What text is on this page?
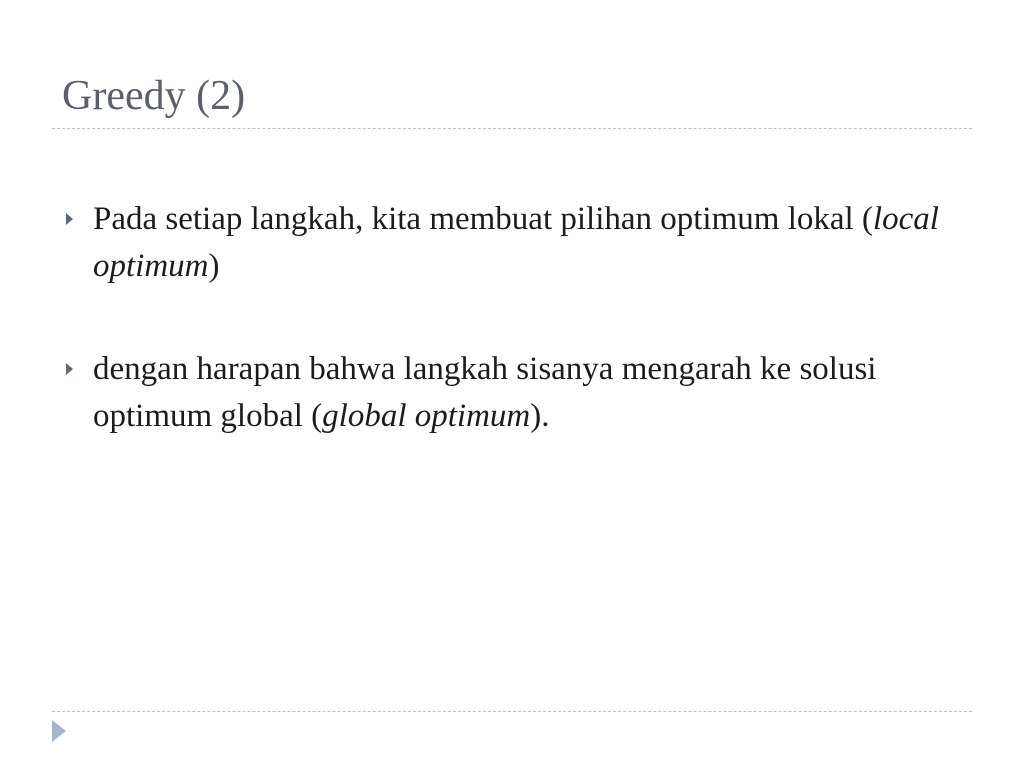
Greedy (2)
Pada setiap langkah, kita membuat pilihan optimum lokal (local optimum)
dengan harapan bahwa langkah sisanya mengarah ke solusi optimum global (global optimum).
